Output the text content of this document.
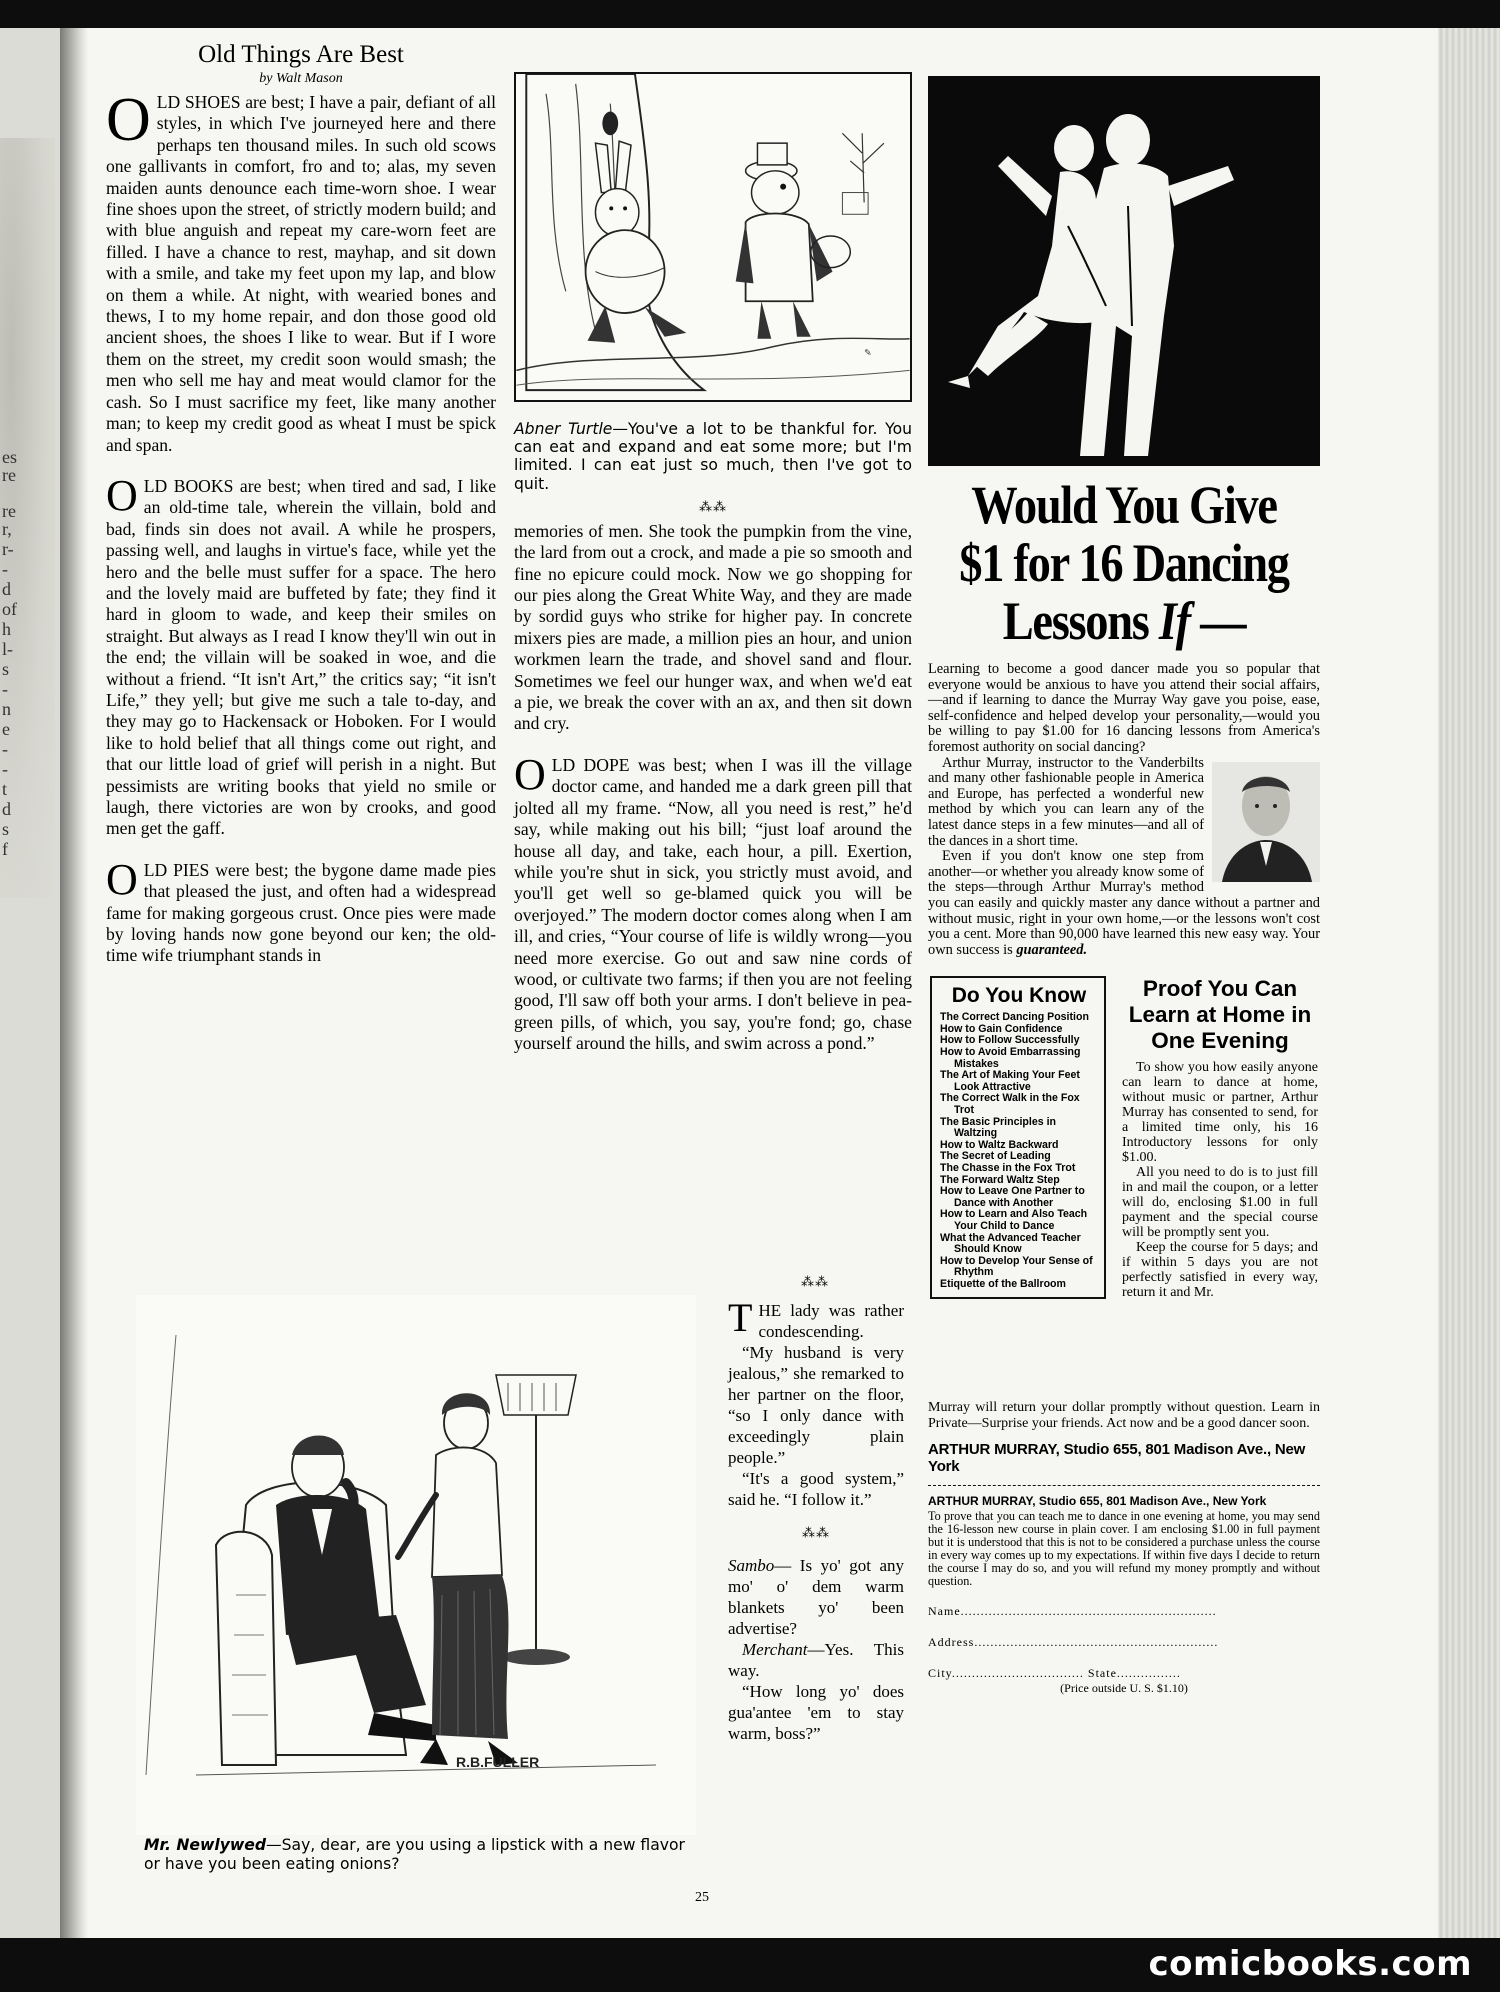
es
re
re
r,
r-
-
d
of
h
l-
s
-
n
e
-
-
t
d
s
f
Old Things Are Best
by Walt Mason

OLD SHOES are best; I have a pair, defiant of all styles, in which I've journeyed here and there perhaps ten thousand miles. In such old scows one gallivants in comfort, fro and to; alas, my seven maiden aunts denounce each time-worn shoe. I wear fine shoes upon the street, of strictly modern build; and with blue anguish and repeat my care-worn feet are filled. I have a chance to rest, mayhap, and sit down with a smile, and take my feet upon my lap, and blow on them a while. At night, with wearied bones and thews, I to my home repair, and don those good old ancient shoes, the shoes I like to wear. But if I wore them on the street, my credit soon would smash; the men who sell me hay and meat would clamor for the cash. So I must sacrifice my feet, like many another man; to keep my credit good as wheat I must be spick and span.

OLD BOOKS are best; when tired and sad, I like an old-time tale, wherein the villain, bold and bad, finds sin does not avail. A while he prospers, passing well, and laughs in virtue's face, while yet the hero and the belle must suffer for a space. The hero and the lovely maid are buffeted by fate; they find it hard in gloom to wade, and keep their smiles on straight. But always as I read I know they'll win out in the end; the villain will be soaked in woe, and die without a friend. “It isn't Art,” the critics say; “it isn't Life,” they yell; but give me such a tale to-day, and they may go to Hackensack or Hoboken. For I would like to hold belief that all things come out right, and that our little load of grief will perish in a night. But pessimists are writing books that yield no smile or laugh, there victories are won by crooks, and good men get the gaff.

OLD PIES were best; the bygone dame made pies that pleased the just, and often had a widespread fame for making gorgeous crust. Once pies were made by loving hands now gone beyond our ken; the old-time wife triumphant stands in

✎
Abner Turtle—You've a lot to be thankful for. You can eat and expand and eat some more; but I'm limited. I can eat just so much, then I've got to quit.
⁂⁂

memories of men. She took the pumpkin from the vine, the lard from out a crock, and made a pie so smooth and fine no epicure could mock. Now we go shopping for our pies along the Great White Way, and they are made by sordid guys who strike for higher pay. In concrete mixers pies are made, a million pies an hour, and union workmen learn the trade, and shovel sand and flour. Sometimes we feel our hunger wax, and when we'd eat a pie, we break the cover with an ax, and then sit down and cry.

OLD DOPE was best; when I was ill the village doctor came, and handed me a dark green pill that jolted all my frame. “Now, all you need is rest,” he'd say, while making out his bill; “just loaf around the house all day, and take, each hour, a pill. Exertion, while you're shut in sick, you strictly must avoid, and you'll get well so ge-blamed quick you will be overjoyed.” The modern doctor comes along when I am ill, and cries, “Your course of life is wildly wrong—you need more exercise. Go out and saw nine cords of wood, or cultivate two farms; if then you are not feeling good, I'll saw off both your arms. I don't believe in pea-green pills, of which, you say, you're fond; go, chase yourself around the hills, and swim across a pond.”

R.B.FULLER
Mr. Newlywed—Say, dear, are you using a lipstick with a new flavor or have you been eating onions?
⁂⁂

THE lady was rather condescending.

“My husband is very jealous,” she remarked to her partner on the floor, “so I only dance with exceedingly plain people.”

“It's a good system,” said he. “I follow it.”

⁂⁂

Sambo— Is yo' got any mo' o' dem warm blankets yo' been advertise?

Merchant—Yes. This way.

“How long yo' does gua'antee 'em to stay warm, boss?”

25
Would You Give
$1 for 16 Dancing
Lessons If —

Learning to become a good dancer made you so popular that everyone would be anxious to have you attend their social affairs,—and if learning to dance the Murray Way gave you poise, ease, self-confidence and helped develop your personality,—would you be willing to pay $1.00 for 16 dancing lessons from America's foremost authority on social dancing?

Arthur Murray, instructor to the Vanderbilts and many other fashionable people in America and Europe, has perfected a wonderful new method by which you can learn any of the latest dance steps in a few minutes—and all of the dances in a short time.

Even if you don't know one step from another—or whether you already know some of the steps—through Arthur Murray's method you can easily and quickly master any dance without a partner and without music, right in your own home,—or the lessons won't cost you a cent. More than 90,000 have learned this new easy way. Your own success is guaranteed.

Do You Know
The Correct Dancing Position
How to Gain Confidence
How to Follow Successfully
How to Avoid Embarrassing Mistakes
The Art of Making Your Feet Look Attractive
The Correct Walk in the Fox Trot
The Basic Principles in Waltzing
How to Waltz Backward
The Secret of Leading
The Chasse in the Fox Trot
The Forward Waltz Step
How to Leave One Partner to Dance with Another
How to Learn and Also Teach Your Child to Dance
What the Advanced Teacher Should Know
How to Develop Your Sense of Rhythm
Etiquette of the Ballroom
Proof You Can Learn at Home in One Evening

To show you how easily anyone can learn to dance at home, without music or partner, Arthur Murray has consented to send, for a limited time only, his 16 Introductory lessons for only $1.00.

All you need to do is to just fill in and mail the coupon, or a letter will do, enclosing $1.00 in full payment and the special course will be promptly sent you.

Keep the course for 5 days; and if within 5 days you are not perfectly satisfied in every way, return it and Mr.

Murray will return your dollar promptly without question. Learn in Private—Surprise your friends. Act now and be a good dancer soon.
ARTHUR MURRAY, Studio 655, 801 Madison Ave., New York
ARTHUR MURRAY, Studio 655, 801 Madison Ave., New York
To prove that you can teach me to dance in one evening at home, you may send the 16-lesson new course in plain cover. I am enclosing $1.00 in full payment but it is understood that this is not to be considered a purchase unless the course in every way comes up to my expectations. If within five days I decide to return the course I may do so, and you will refund my money promptly and without question.
Name................................................................
Address.............................................................
City................................. State................
(Price outside U. S. $1.10)
comicbooks.com
